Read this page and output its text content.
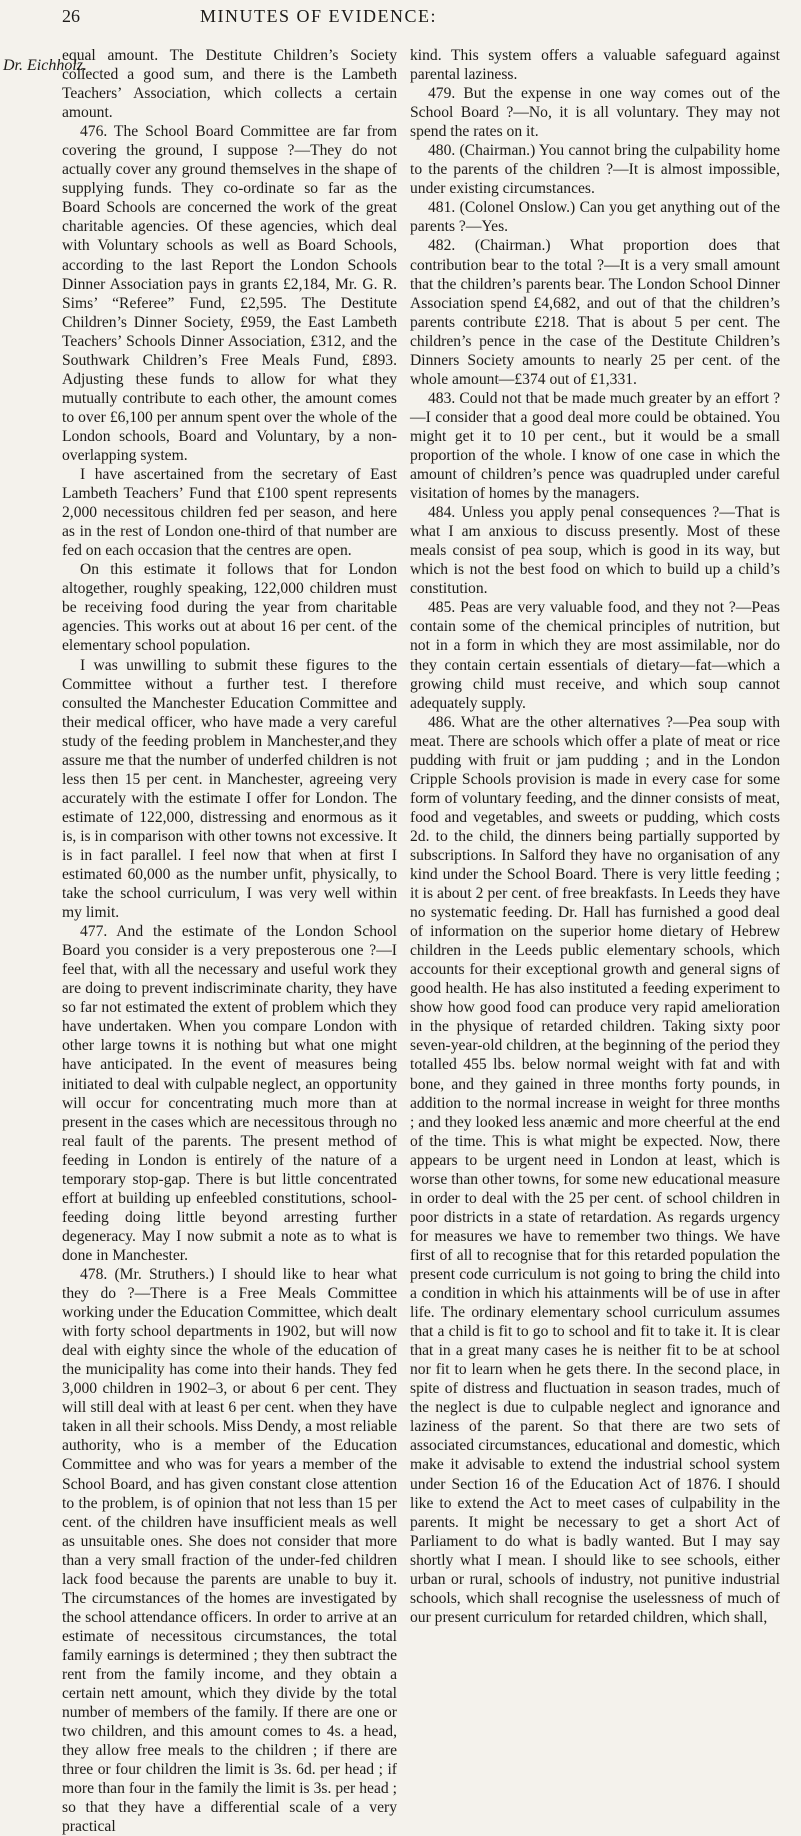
26	MINUTES OF EVIDENCE:
Dr. Eichholz.

equal amount. The Destitute Children’s Society collected a good sum, and there is the Lambeth Teachers’ Association, which collects a certain amount.

476. The School Board Committee are far from covering the ground, I suppose ?—They do not actually cover any ground themselves in the shape of supplying funds. They co-ordinate so far as the Board Schools are concerned the work of the great charitable agencies. Of these agencies, which deal with Voluntary schools as well as Board Schools, according to the last Report the London Schools Dinner Association pays in grants £2,184, Mr. G. R. Sims’ “Referee” Fund, £2,595. The Destitute Children’s Dinner Society, £959, the East Lambeth Teachers’ Schools Dinner Association, £312, and the Southwark Children’s Free Meals Fund, £893. Adjusting these funds to allow for what they mutually contribute to each other, the amount comes to over £6,100 per annum spent over the whole of the London schools, Board and Voluntary, by a non-overlapping system.

I have ascertained from the secretary of East Lambeth Teachers’ Fund that £100 spent represents 2,000 necessitous children fed per season, and here as in the rest of London one-third of that number are fed on each occasion that the centres are open.

On this estimate it follows that for London altogether, roughly speaking, 122,000 children must be receiving food during the year from charitable agencies. This works out at about 16 per cent. of the elementary school population.

I was unwilling to submit these figures to the Committee without a further test. I therefore consulted the Manchester Education Committee and their medical officer, who have made a very careful study of the feeding problem in Manchester,and they assure me that the number of underfed children is not less then 15 per cent. in Manchester, agreeing very accurately with the estimate I offer for London. The estimate of 122,000, distressing and enormous as it is, is in comparison with other towns not excessive. It is in fact parallel. I feel now that when at first I estimated 60,000 as the number unfit, physically, to take the school curriculum, I was very well within my limit.

477. And the estimate of the London School Board you consider is a very preposterous one ?—I feel that, with all the necessary and useful work they are doing to prevent indiscriminate charity, they have so far not estimated the extent of problem which they have undertaken. When you compare London with other large towns it is nothing but what one might have anticipated. In the event of measures being initiated to deal with culpable neglect, an opportunity will occur for concentrating much more than at present in the cases which are necessitous through no real fault of the parents. The present method of feeding in London is entirely of the nature of a temporary stop-gap. There is but little concentrated effort at building up enfeebled constitutions, school-feeding doing little beyond arresting further degeneracy. May I now submit a note as to what is done in Manchester.

478. (Mr. Struthers.) I should like to hear what they do ?—There is a Free Meals Committee working under the Education Committee, which dealt with forty school departments in 1902, but will now deal with eighty since the whole of the education of the municipality has come into their hands. They fed 3,000 children in 1902–3, or about 6 per cent. They will still deal with at least 6 per cent. when they have taken in all their schools. Miss Dendy, a most reliable authority, who is a member of the Education Committee and who was for years a member of the School Board, and has given constant close attention to the problem, is of opinion that not less than 15 per cent. of the children have insufficient meals as well as unsuitable ones. She does not consider that more than a very small fraction of the under-fed children lack food because the parents are unable to buy it. The circumstances of the homes are investigated by the school attendance officers. In order to arrive at an estimate of necessitous circumstances, the total family earnings is determined ; they then subtract the rent from the family income, and they obtain a certain nett amount, which they divide by the total number of members of the family. If there are one or two children, and this amount comes to 4s. a head, they allow free meals to the children ; if there are three or four children the limit is 3s. 6d. per head ; if more than four in the family the limit is 3s. per head ; so that they have a differential scale of a very practical

kind. This system offers a valuable safeguard against parental laziness.

479. But the expense in one way comes out of the School Board ?—No, it is all voluntary. They may not spend the rates on it.

480. (Chairman.) You cannot bring the culpability home to the parents of the children ?—It is almost impossible, under existing circumstances.

481. (Colonel Onslow.) Can you get anything out of the parents ?—Yes.

482. (Chairman.) What proportion does that contribution bear to the total ?—It is a very small amount that the children’s parents bear. The London School Dinner Association spend £4,682, and out of that the children’s parents contribute £218. That is about 5 per cent. The children’s pence in the case of the Destitute Children’s Dinners Society amounts to nearly 25 per cent. of the whole amount—£374 out of £1,331.

483. Could not that be made much greater by an effort ?—I consider that a good deal more could be obtained. You might get it to 10 per cent., but it would be a small proportion of the whole. I know of one case in which the amount of children’s pence was quadrupled under careful visitation of homes by the managers.

484. Unless you apply penal consequences ?—That is what I am anxious to discuss presently. Most of these meals consist of pea soup, which is good in its way, but which is not the best food on which to build up a child’s constitution.

485. Peas are very valuable food, and they not ?—Peas contain some of the chemical principles of nutrition, but not in a form in which they are most assimilable, nor do they contain certain essentials of dietary—fat—which a growing child must receive, and which soup cannot adequately supply.

486. What are the other alternatives ?—Pea soup with meat. There are schools which offer a plate of meat or rice pudding with fruit or jam pudding ; and in the London Cripple Schools provision is made in every case for some form of voluntary feeding, and the dinner consists of meat, food and vegetables, and sweets or pudding, which costs 2d. to the child, the dinners being partially supported by subscriptions. In Salford they have no organisation of any kind under the School Board. There is very little feeding ; it is about 2 per cent. of free breakfasts. In Leeds they have no systematic feeding. Dr. Hall has furnished a good deal of information on the superior home dietary of Hebrew children in the Leeds public elementary schools, which accounts for their exceptional growth and general signs of good health. He has also instituted a feeding experiment to show how good food can produce very rapid amelioration in the physique of retarded children. Taking sixty poor seven-year-old children, at the beginning of the period they totalled 455 lbs. below normal weight with fat and with bone, and they gained in three months forty pounds, in addition to the normal increase in weight for three months ; and they looked less anæmic and more cheerful at the end of the time. This is what might be expected. Now, there appears to be urgent need in London at least, which is worse than other towns, for some new educational measure in order to deal with the 25 per cent. of school children in poor districts in a state of retardation. As regards urgency for measures we have to remember two things. We have first of all to recognise that for this retarded population the present code curriculum is not going to bring the child into a condition in which his attainments will be of use in after life. The ordinary elementary school curriculum assumes that a child is fit to go to school and fit to take it. It is clear that in a great many cases he is neither fit to be at school nor fit to learn when he gets there. In the second place, in spite of distress and fluctuation in season trades, much of the neglect is due to culpable neglect and ignorance and laziness of the parent. So that there are two sets of associated circumstances, educational and domestic, which make it advisable to extend the industrial school system under Section 16 of the Education Act of 1876. I should like to extend the Act to meet cases of culpability in the parents. It might be necessary to get a short Act of Parliament to do what is badly wanted. But I may say shortly what I mean. I should like to see schools, either urban or rural, schools of industry, not punitive industrial schools, which shall recognise the uselessness of much of our present curriculum for retarded children, which shall,
